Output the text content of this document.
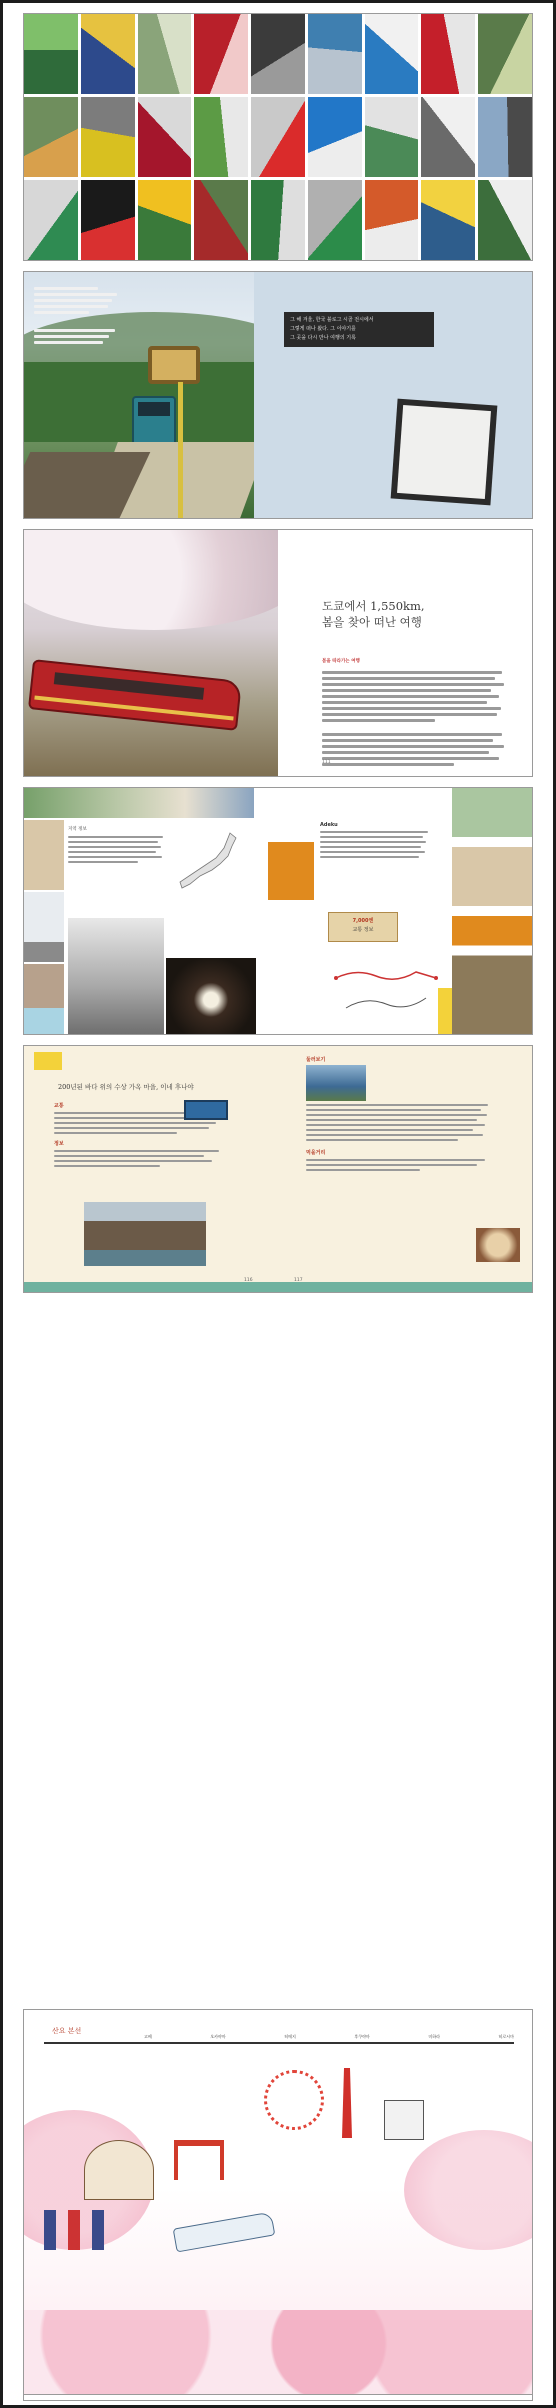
그 해 겨울, 한국 블로그 시골 전시에서
그렇게 떠나 왔다. 그 이야기를
그 곳을 다시 만나 여행의 기록
도쿄에서 1,550km,
봄을 찾아 떠난 여행
봄을 따라가는 여행
111
지역 정보
Adeku
7,000엔
교통 정보
200년된 바다 위의 수상 가옥 마을, 이네 후나야
교통
정보
둘러보기
먹을거리
116	117
산요 본선
고베	오카야마	히메지	후쿠야마	미하라	히로시마
